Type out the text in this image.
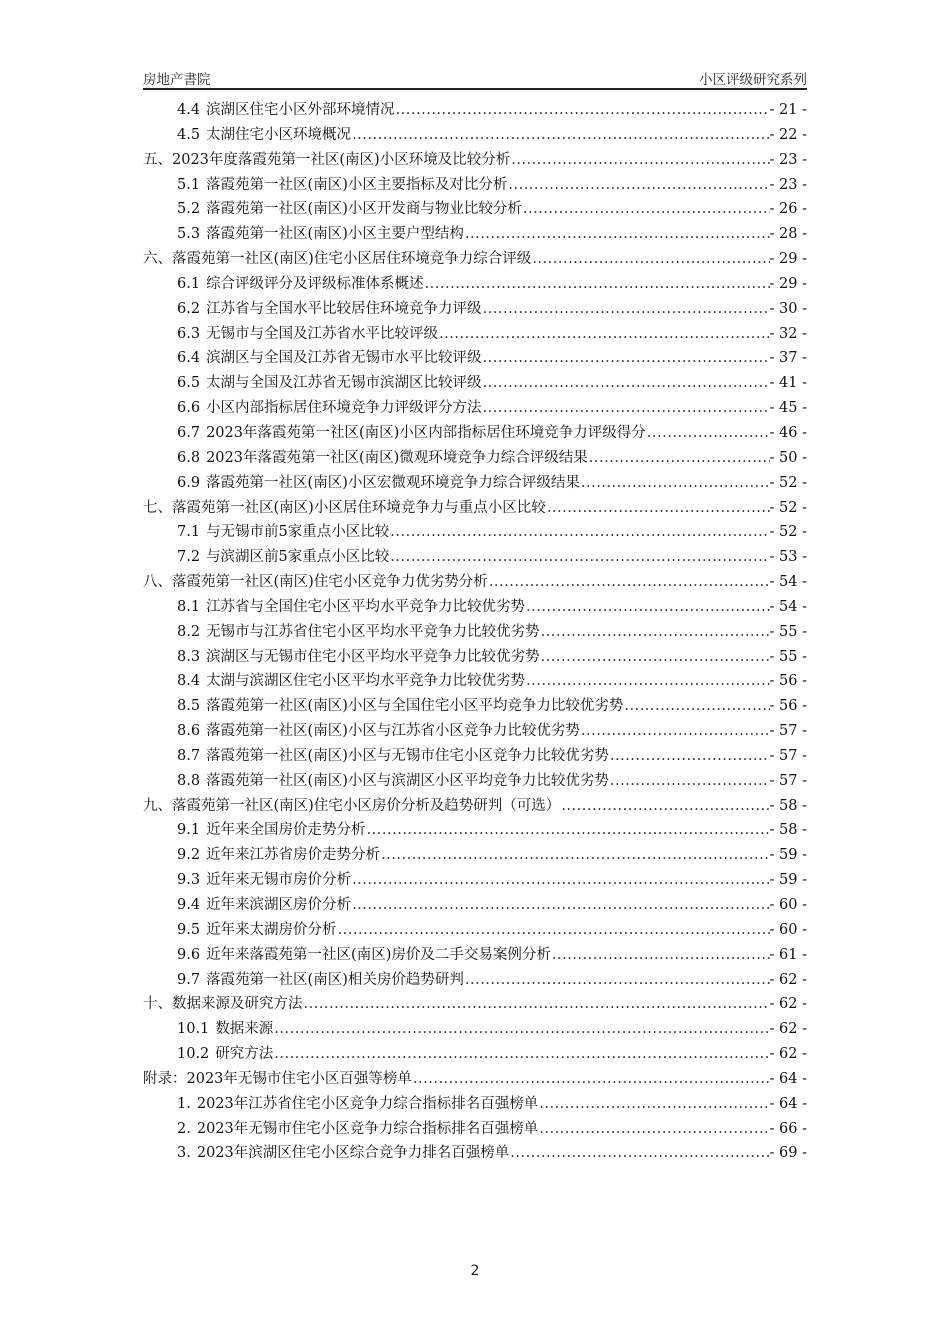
房地产書院	小区评级研究系列
4.4 滨湖区住宅小区外部环境情况 .....	- 21 -
4.5 太湖住宅小区环境概况 .....	- 22 -
五、 2023年度落霞苑第一社区(南区)小区环境及比较分析 .....	- 23 -
5.1 落霞苑第一社区(南区)小区主要指标及对比分析 .....	- 23 -
5.2 落霞苑第一社区(南区)小区开发商与物业比较分析 .....	- 26 -
5.3 落霞苑第一社区(南区)小区主要户型结构 .....	- 28 -
六、 落霞苑第一社区(南区)住宅小区居住环境竞争力综合评级 .....	- 29 -
6.1 综合评级评分及评级标准体系概述 .....	- 29 -
6.2 江苏省与全国水平比较居住环境竞争力评级 .....	- 30 -
6.3 无锡市与全国及江苏省水平比较评级 .....	- 32 -
6.4 滨湖区与全国及江苏省无锡市水平比较评级 .....	- 37 -
6.5 太湖与全国及江苏省无锡市滨湖区比较评级 .....	- 41 -
6.6 小区内部指标居住环境竞争力评级评分方法 .....	- 45 -
6.7 2023年落霞苑第一社区(南区)小区内部指标居住环境竞争力评级得分 .....	- 46 -
6.8 2023年落霞苑第一社区(南区)微观环境竞争力综合评级结果 .....	- 50 -
6.9 落霞苑第一社区(南区)小区宏微观环境竞争力综合评级结果 .....	- 52 -
七、 落霞苑第一社区(南区)小区居住环境竞争力与重点小区比较 .....	- 52 -
7.1 与无锡市前5家重点小区比较 .....	- 52 -
7.2 与滨湖区前5家重点小区比较 .....	- 53 -
八、 落霞苑第一社区(南区)住宅小区竞争力优劣势分析 .....	- 54 -
8.1 江苏省与全国住宅小区平均水平竞争力比较优劣势 .....	- 54 -
8.2 无锡市与江苏省住宅小区平均水平竞争力比较优劣势 .....	- 55 -
8.3 滨湖区与无锡市住宅小区平均水平竞争力比较优劣势 .....	- 55 -
8.4 太湖与滨湖区住宅小区平均水平竞争力比较优劣势 .....	- 56 -
8.5 落霞苑第一社区(南区)小区与全国住宅小区平均竞争力比较优劣势 .....	- 56 -
8.6 落霞苑第一社区(南区)小区与江苏省小区竞争力比较优劣势 .....	- 57 -
8.7 落霞苑第一社区(南区)小区与无锡市住宅小区竞争力比较优劣势 .....	- 57 -
8.8 落霞苑第一社区(南区)小区与滨湖区小区平均竞争力比较优劣势 .....	- 57 -
九、 落霞苑第一社区(南区)住宅小区房价分析及趋势研判（可选） .....	- 58 -
9.1 近年来全国房价走势分析 .....	- 58 -
9.2 近年来江苏省房价走势分析 .....	- 59 -
9.3 近年来无锡市房价分析 .....	- 59 -
9.4 近年来滨湖区房价分析 .....	- 60 -
9.5 近年来太湖房价分析 .....	- 60 -
9.6 近年来落霞苑第一社区(南区)房价及二手交易案例分析 .....	- 61 -
9.7 落霞苑第一社区(南区)相关房价趋势研判 .....	- 62 -
十、 数据来源及研究方法 .....	- 62 -
10.1 数据来源 .....	- 62 -
10.2 研究方法 .....	- 62 -
附录： 2023年无锡市住宅小区百强等榜单 .....	- 64 -
1. 2023年江苏省住宅小区竞争力综合指标排名百强榜单 .....	- 64 -
2. 2023年无锡市住宅小区竞争力综合指标排名百强榜单 .....	- 66 -
3. 2023年滨湖区住宅小区综合竞争力排名百强榜单 .....	- 69 -
2
